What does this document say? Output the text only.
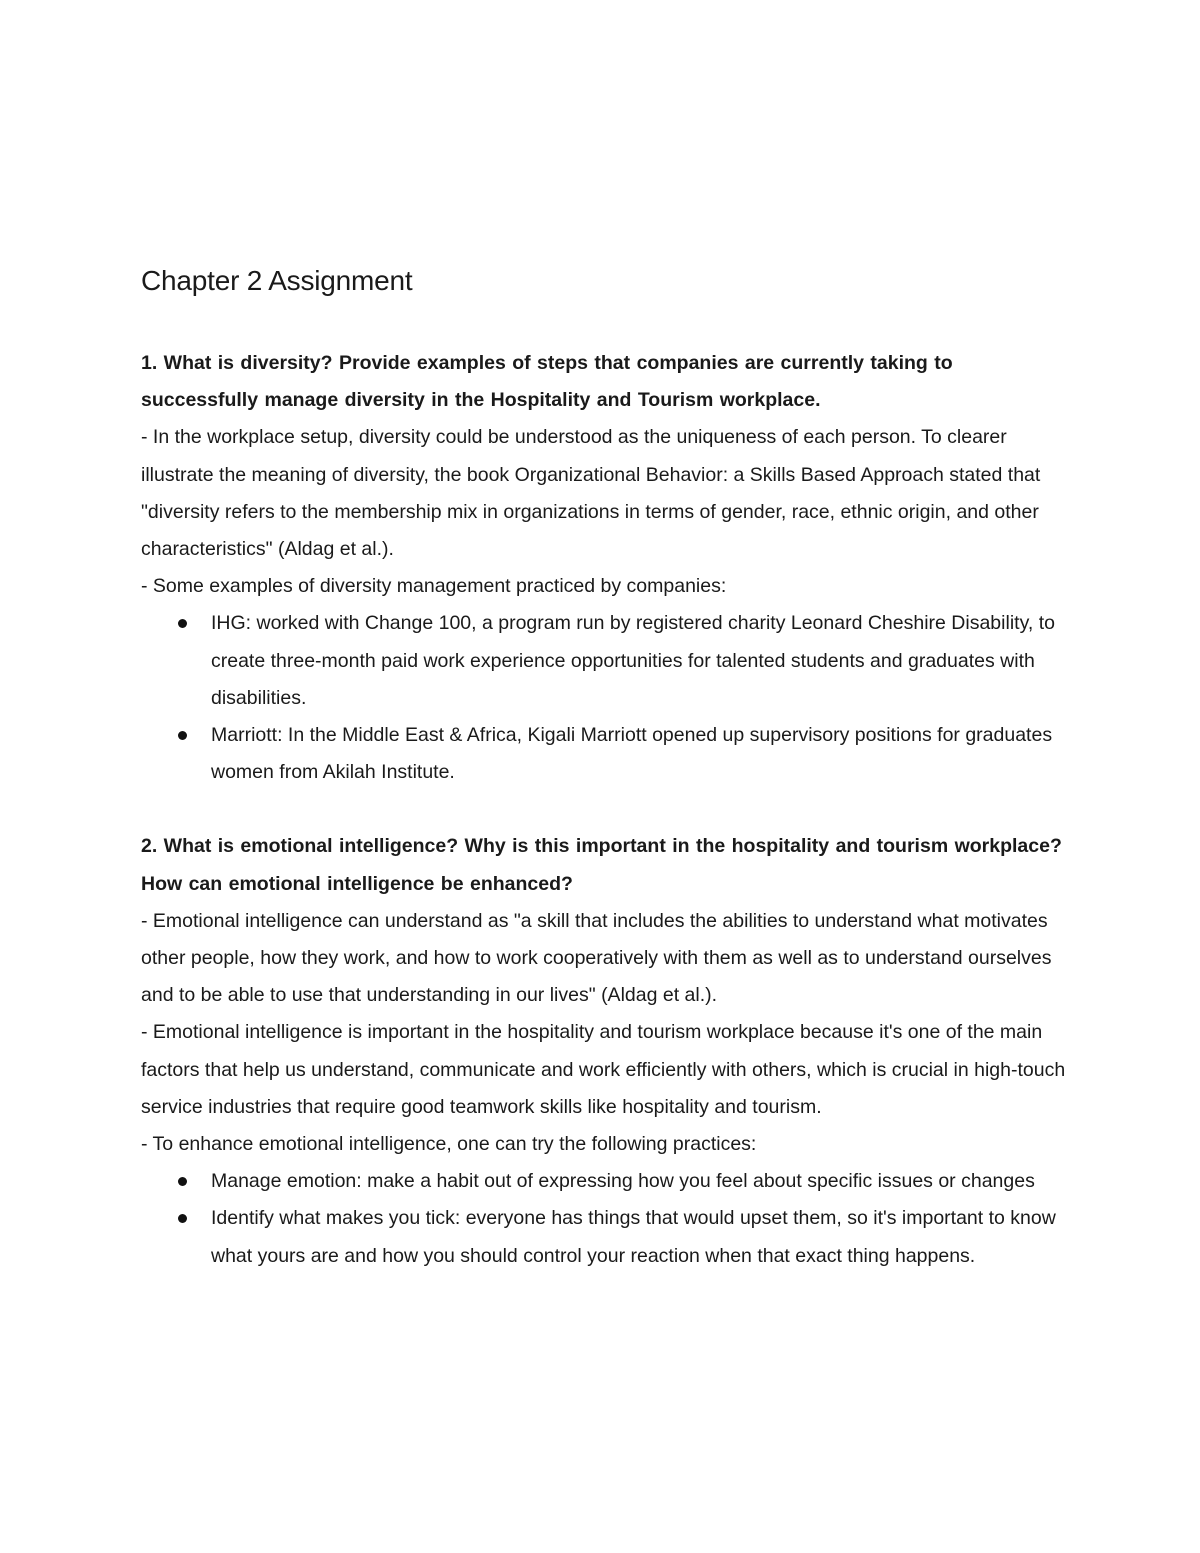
Chapter 2 Assignment

1. What is diversity? Provide examples of steps that companies are currently taking to successfully manage diversity in the Hospitality and Tourism workplace.

- In the workplace setup, diversity could be understood as the uniqueness of each person. To clearer illustrate the meaning of diversity, the book Organizational Behavior: a Skills Based Approach stated that "diversity refers to the membership mix in organizations in terms of gender, race, ethnic origin, and other characteristics" (Aldag et al.).

- Some examples of diversity management practiced by companies:

IHG: worked with Change 100, a program run by registered charity Leonard Cheshire Disability, to create three-month paid work experience opportunities for talented students and graduates with disabilities.
Marriott: In the Middle East & Africa, Kigali Marriott opened up supervisory positions for graduates women from Akilah Institute.

2. What is emotional intelligence? Why is this important in the hospitality and tourism workplace? How can emotional intelligence be enhanced?

- Emotional intelligence can understand as "a skill that includes the abilities to understand what motivates other people, how they work, and how to work cooperatively with them as well as to understand ourselves and to be able to use that understanding in our lives" (Aldag et al.).

- Emotional intelligence is important in the hospitality and tourism workplace because it's one of the main factors that help us understand, communicate and work efficiently with others, which is crucial in high-touch service industries that require good teamwork skills like hospitality and tourism.

- To enhance emotional intelligence, one can try the following practices:

Manage emotion: make a habit out of expressing how you feel about specific issues or changes
Identify what makes you tick: everyone has things that would upset them, so it's important to know what yours are and how you should control your reaction when that exact thing happens.
